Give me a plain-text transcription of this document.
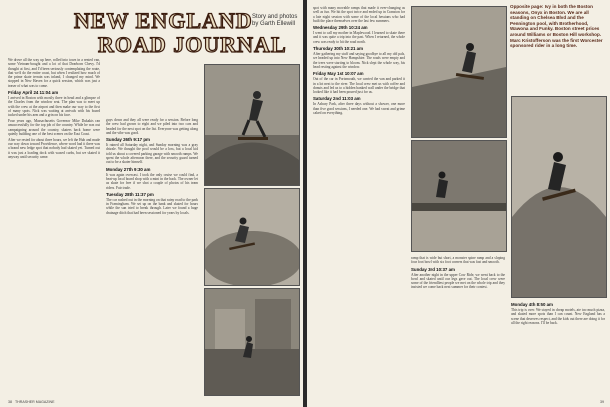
NEW ENGLAND
ROAD JOURNAL

We drove all the way up here, rolled into town in a rented van, some Vietnam-bought and a lot of that Dearborn Chevy. I'd thought at first, and I'd been seriously contemplating the route, that we'd do the entire coast, but when I realized how much of the prime skate terrain was inland, I changed my mind. We stopped in New Haven for a quick session, which was just a teaser of what was to come.

Friday April 24 11:04 am

I arrived in Boston with mostly three in head and a glimpse of the Charles from the window seat. The plan was to meet up with the crew at the airport and then make our way to the first of many spots. Nick was waiting at arrivals with his board tucked under his arm and a grin on his face.

Four years ago, Massachusetts Governor Mike Dukakis ran unsuccessfully for the top job of the country. While he was out campaigning around the country, skaters back home were quietly building one of the best scenes on the East Coast.

After we rested for about three hours, we left the Hub and made our way down toward Providence, where word had it there was a brand new ledge spot that nobody had skated yet. Turned out it was just a loading dock with waxed curbs, but we skated it anyway until security came.

guys down and they all were ready for a session. Before long the crew had grown to eight and we piled into two cars and headed for the next spot on the list. Everyone was getting along and the vibe was good.

Sunday 26th 9:17 pm

It rained all Saturday night, and Sunday morning was a gray drizzle. We thought the pool would be a loss, but a local kid told us about a covered parking garage with smooth ramps. We spent the whole afternoon there, and the security guard turned out to be a skater himself.

Monday 27th 9:30 am

It was again overcast. I took the only cruise we could find, a beat-up local board shop with a mini in the back. The owner let us skate for free if we shot a couple of photos of his team riders. Fair trade.

Tuesday 28th 11:37 pm

The car rushed out in the morning on that rainy road to the park in Framingham. We set up on the bank and skated for hours while the sun tried to break through. Later we found a huge drainage ditch that had been sessioned for years by locals.

38 THRASHER MAGAZINE
Story and photos by Garth Ellewill

spot with many movable ramps that made it ever-changing as well as fun. We hit the spot twice and ended up in Cranston for a late night session with some of the local hessians who had built the place themselves over the last few summers.

Wednesday 29th 10:24 am

I went to call my mother in Maplewood. I learned to skate there and it was quite a trip into the past. When I returned, the whole crew was ready to hit the road north.

Thursday 30th 10:21 am

After gathering my stuff and saying goodbye to all my old pals, we headed up into New Hampshire. The roads were empty and the trees were starting to bloom. Nick slept the whole way, his head resting against the window.

Friday May 1st 10:07 am

Out of the car in Portsmouth, we carried the van and parked it in a lot next to the river. The local crew met us with coffee and donuts and led us to a hidden banked wall under the bridge that looked like it had been poured just for us.

Saturday 2nd 11:03 am

In Asbury Park, after three days without a shower, one more than five good sessions, I needed one. We had sweat and grime caked on everything.

ramp that is wide but short, a monster spine ramp and a sloping four foot bowl with six foot corners that was fast and smooth.

Sunday 3rd 10:37 am

After another night in the upper Cow Ride, we went back to the bowl and skated until our legs gave out. The local crew were some of the friendliest people we met on the whole trip and they insisted we come back next summer for their contest.

Opposite page: Ivy in both the Boston seasons, Onyx in Boston. We are all standing on Chelsea Blvd and the Pennington pool, with Brotherhood, Wawona and Funky. Boston street prices around Williams or Boston Hill workshop. Marc Kristofferson was the first Worcester sponsored rider in a long time.
Monday 4th 8:50 am

This trip is over. We stayed in cheap motels, ate too much pizza, and skated more spots than I can count. New England has a scene that deserves respect, and the kids out there are doing it for all the right reasons. I'll be back.

39
